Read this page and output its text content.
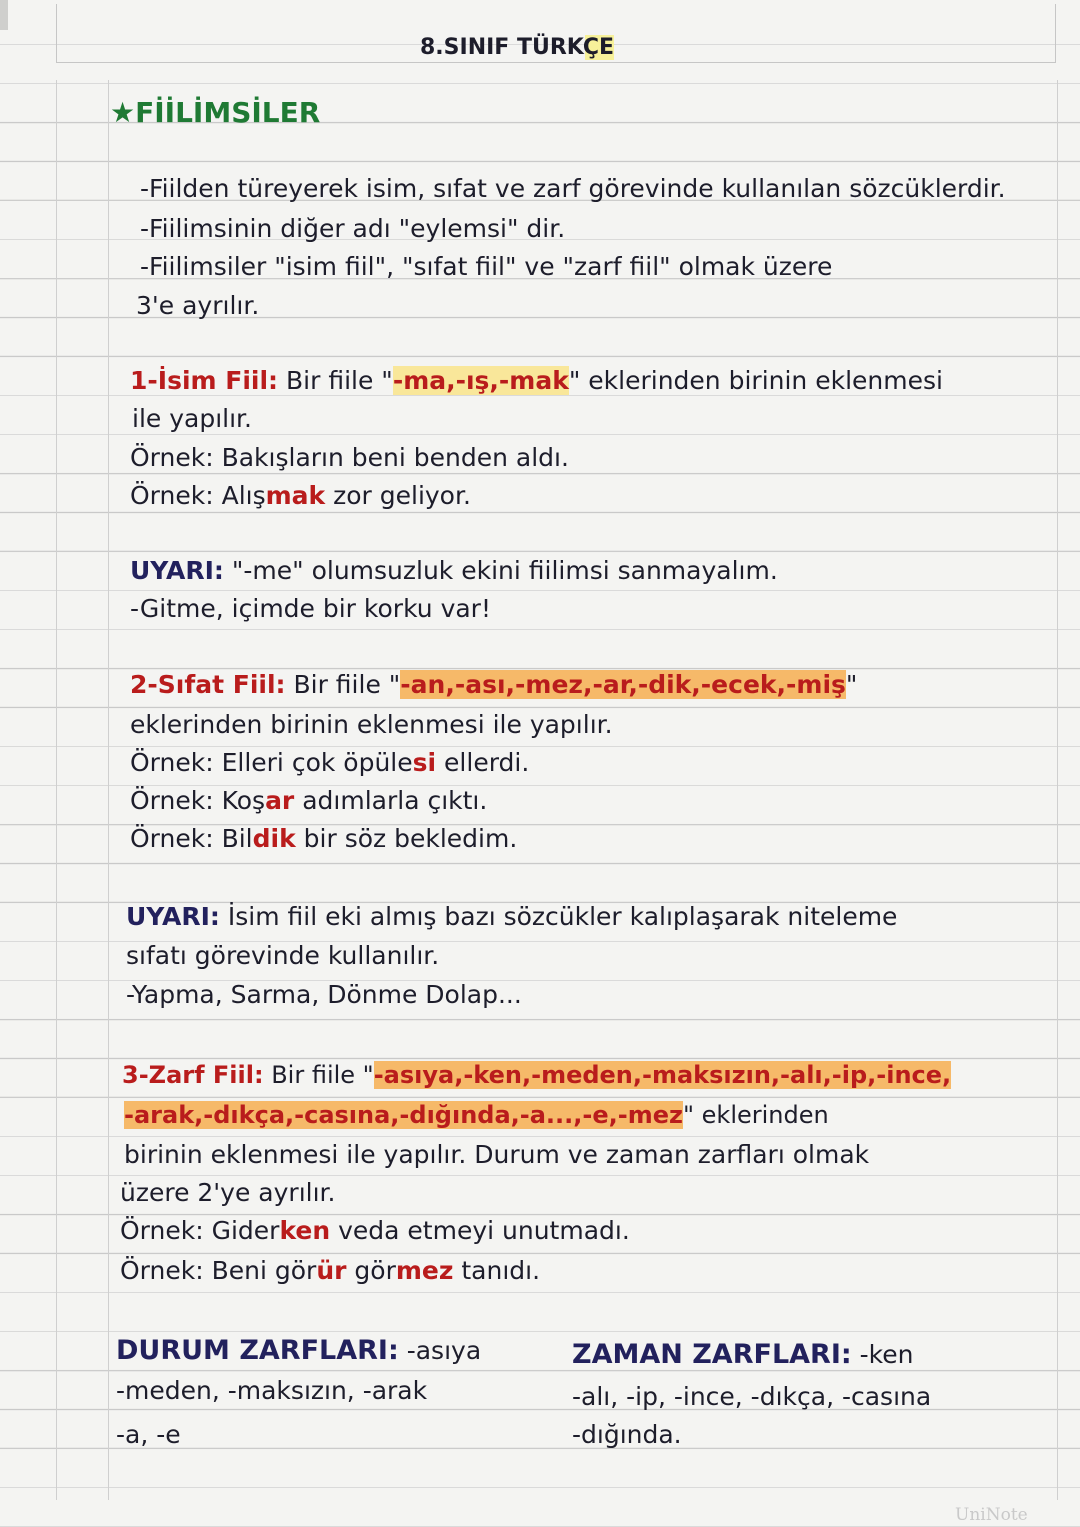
8.SINIF TÜRKÇE
★FİİLİMSİLER
-Fiilden türeyerek isim, sıfat ve zarf görevinde kullanılan sözcüklerdir.
-Fiilimsinin diğer adı "eylemsi" dir.
-Fiilimsiler "isim fiil", "sıfat fiil" ve "zarf fiil" olmak üzere
3'e ayrılır.
1-İsim Fiil: Bir fiile "-ma,-ış,-mak" eklerinden birinin eklenmesi
ile yapılır.
Örnek: Bakışların beni benden aldı.
Örnek: Alışmak zor geliyor.
UYARI: "-me" olumsuzluk ekini fiilimsi sanmayalım.
-Gitme, içimde bir korku var!
2-Sıfat Fiil: Bir fiile "-an,-ası,-mez,-ar,-dik,-ecek,-miş"
eklerinden birinin eklenmesi ile yapılır.
Örnek: Elleri çok öpülesi ellerdi.
Örnek: Koşar adımlarla çıktı.
Örnek: Bildik bir söz bekledim.
UYARI: İsim fiil eki almış bazı sözcükler kalıplaşarak niteleme
sıfatı görevinde kullanılır.
-Yapma, Sarma, Dönme Dolap...
3-Zarf Fiil: Bir fiile "-asıya,-ken,-meden,-maksızın,-alı,-ip,-ince,
-arak,-dıkça,-casına,-dığında,-a...,-e,-mez" eklerinden
birinin eklenmesi ile yapılır. Durum ve zaman zarfları olmak
üzere 2'ye ayrılır.
Örnek: Giderken veda etmeyi unutmadı.
Örnek: Beni görür görmez tanıdı.
DURUM ZARFLARI: -asıya
-meden, -maksızın, -arak
-a, -e
ZAMAN ZARFLARI: -ken
-alı, -ip, -ince, -dıkça, -casına
-dığında.
UniNote
